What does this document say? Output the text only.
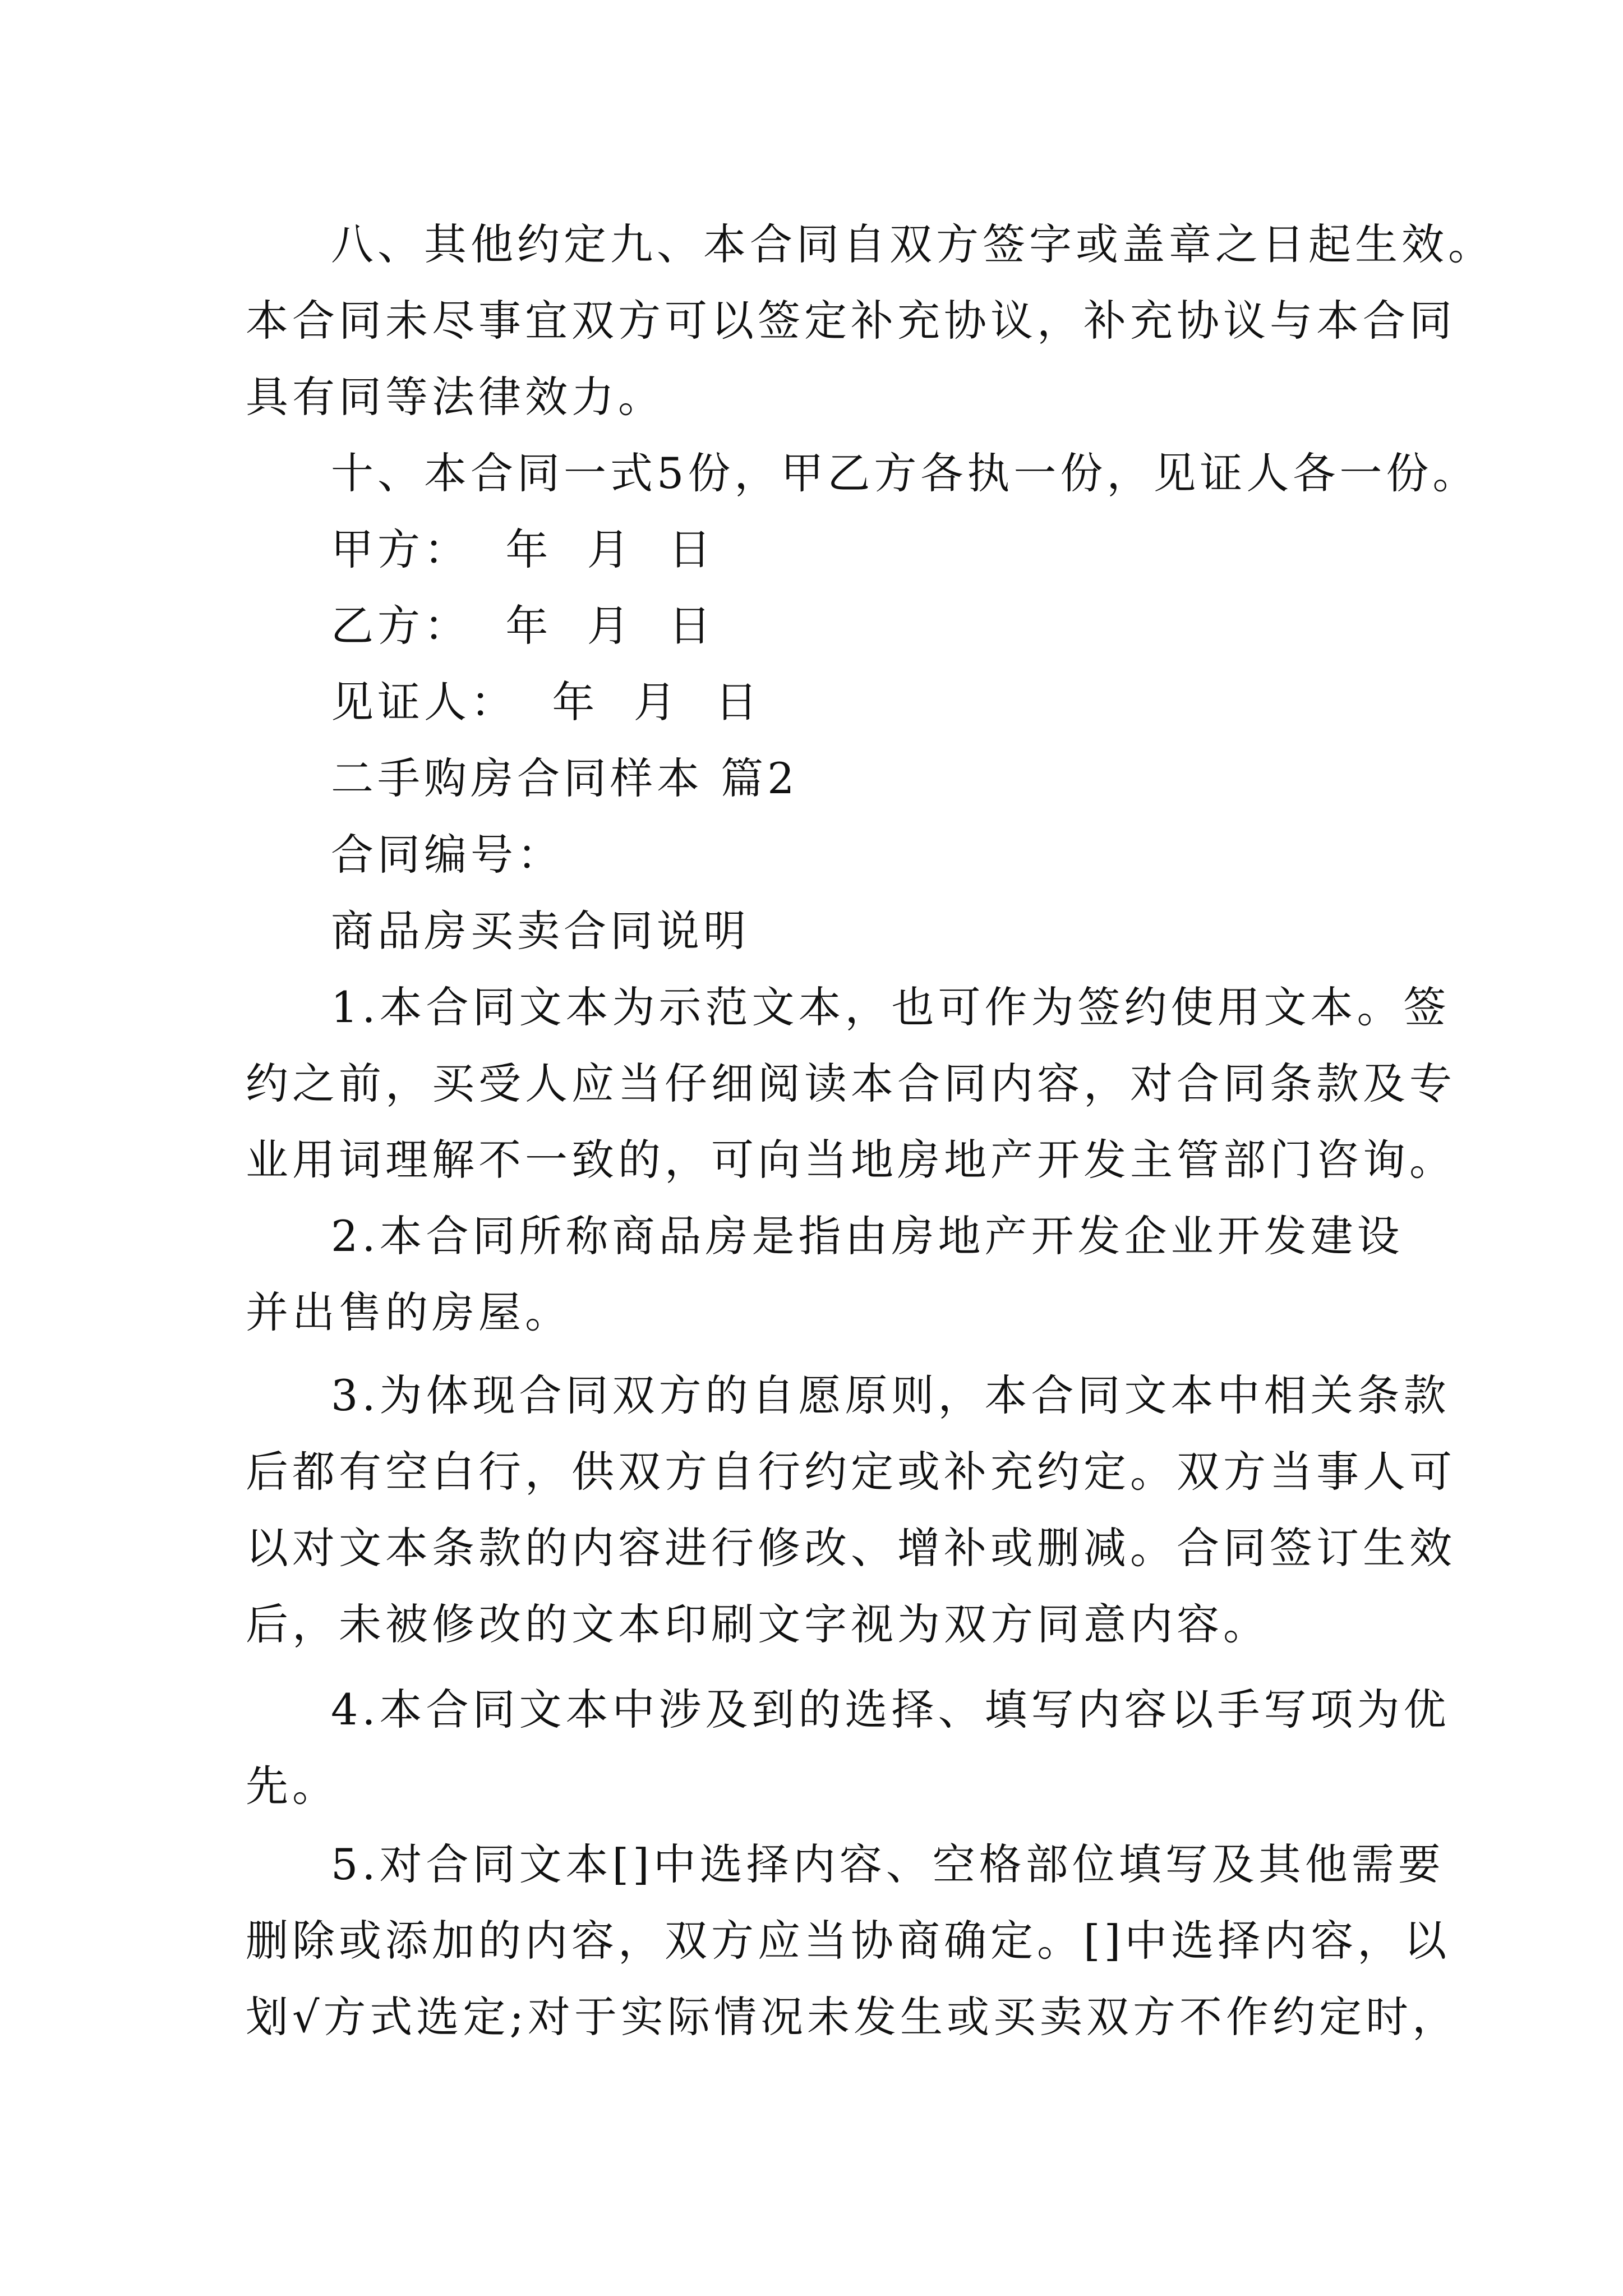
八、其他约定九、本合同自双方签字或盖章之日起生效。
本合同未尽事宜双方可以签定补充协议，补充协议与本合同
具有同等法律效力。
十、本合同一式5份，甲乙方各执一份，见证人各一份。
甲方：  年  月  日
乙方：  年  月  日
见证人：  年  月  日
二手购房合同样本 篇2
合同编号：
商品房买卖合同说明
1.本合同文本为示范文本，也可作为签约使用文本。签
约之前，买受人应当仔细阅读本合同内容，对合同条款及专
业用词理解不一致的，可向当地房地产开发主管部门咨询。
2.本合同所称商品房是指由房地产开发企业开发建设
并出售的房屋。
3.为体现合同双方的自愿原则，本合同文本中相关条款
后都有空白行，供双方自行约定或补充约定。双方当事人可
以对文本条款的内容进行修改、增补或删减。合同签订生效
后，未被修改的文本印刷文字视为双方同意内容。
4.本合同文本中涉及到的选择、填写内容以手写项为优
先。
5.对合同文本[]中选择内容、空格部位填写及其他需要
删除或添加的内容，双方应当协商确定。[]中选择内容，以
划√方式选定;对于实际情况未发生或买卖双方不作约定时，
